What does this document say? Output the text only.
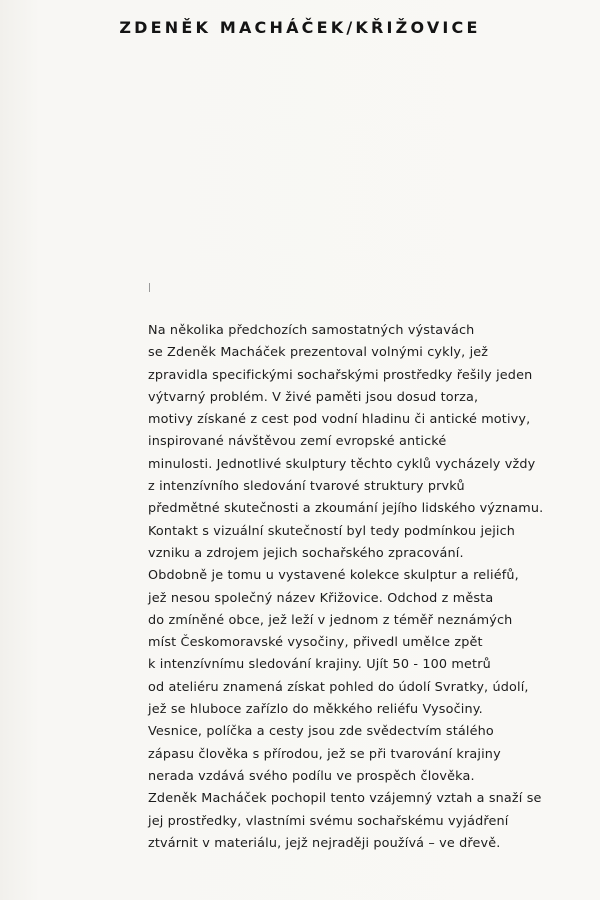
ZDENĚK MACHÁČEK/KŘIŽOVICE
Na několika předchozích samostatných výstavách
se Zdeněk Macháček prezentoval volnými cykly, jež
zpravidla specifickými sochařskými prostředky řešily jeden
výtvarný problém. V živé paměti jsou dosud torza,
motivy získané z cest pod vodní hladinu či antické motivy,
inspirované návštěvou zemí evropské antické
minulosti. Jednotlivé skulptury těchto cyklů vycházely vždy
z intenzívního sledování tvarové struktury prvků
předmětné skutečnosti a zkoumání jejího lidského významu.
Kontakt s vizuální skutečností byl tedy podmínkou jejich
vzniku a zdrojem jejich sochařského zpracování.
Obdobně je tomu u vystavené kolekce skulptur a reliéfů,
jež nesou společný název Křižovice. Odchod z města
do zmíněné obce, jež leží v jednom z téměř neznámých
míst Českomoravské vysočiny, přivedl umělce zpět
k intenzívnímu sledování krajiny. Ujít 50 - 100 metrů
od ateliéru znamená získat pohled do údolí Svratky, údolí,
jež se hluboce zařízlo do měkkého reliéfu Vysočiny.
Vesnice, políčka a cesty jsou zde svědectvím stálého
zápasu člověka s přírodou, jež se při tvarování krajiny
nerada vzdává svého podílu ve prospěch člověka.
Zdeněk Macháček pochopil tento vzájemný vztah a snaží se
jej prostředky, vlastními svému sochařskému vyjádření
ztvárnit v materiálu, jejž nejraději používá – ve dřevě.
